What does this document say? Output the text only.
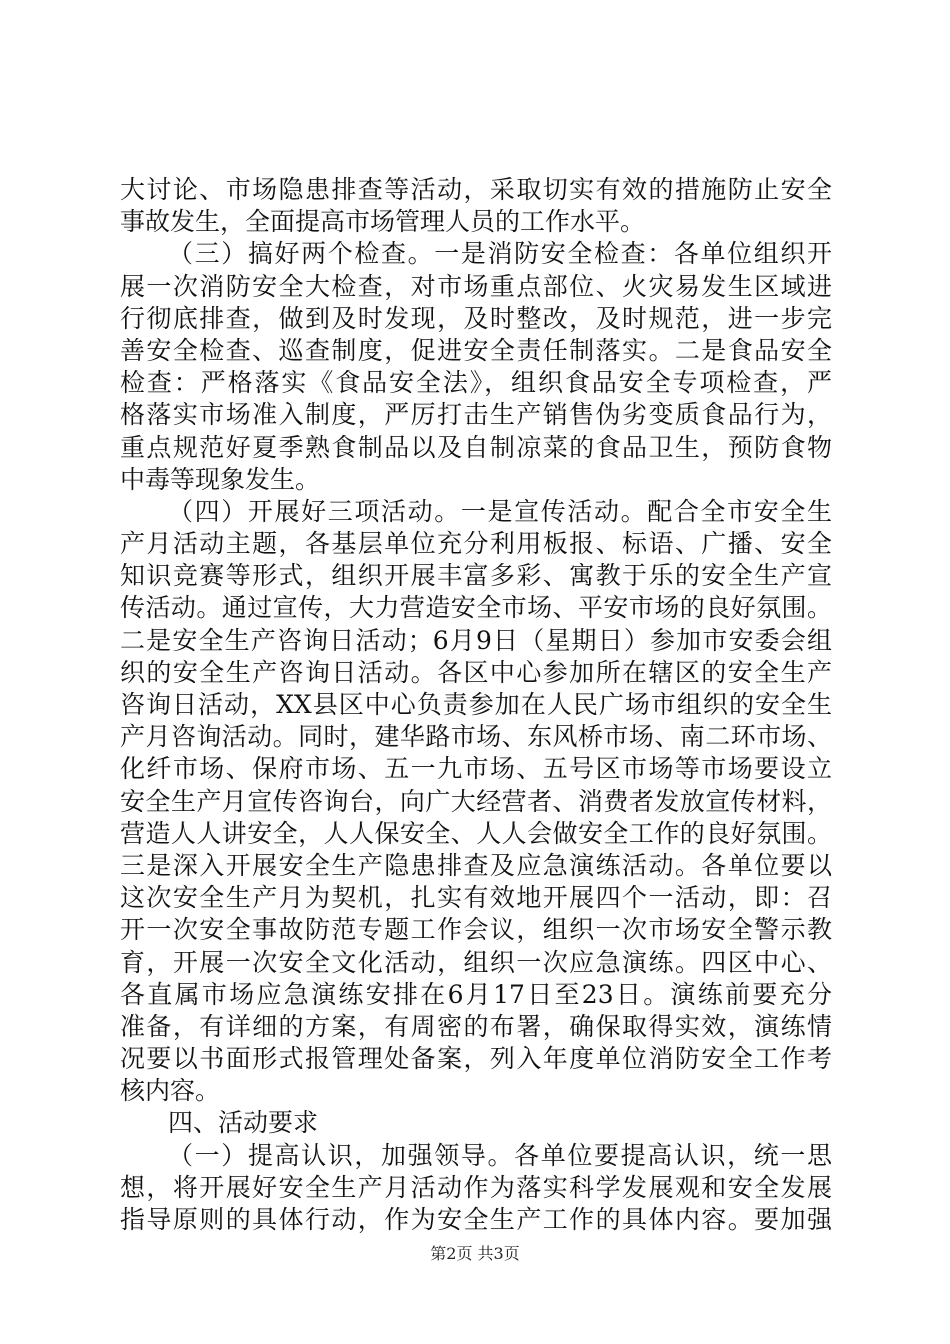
大讨论、市场隐患排查等活动，采取切实有效的措施防止安全
事故发生，全面提高市场管理人员的工作水平。
（三）搞好两个检查。一是消防安全检查：各单位组织开
展一次消防安全大检查，对市场重点部位、火灾易发生区域进
行彻底排查，做到及时发现，及时整改，及时规范，进一步完
善安全检查、巡查制度，促进安全责任制落实。二是食品安全
检查：严格落实《食品安全法》，组织食品安全专项检查，严
格落实市场准入制度，严厉打击生产销售伪劣变质食品行为，
重点规范好夏季熟食制品以及自制凉菜的食品卫生，预防食物
中毒等现象发生。
（四）开展好三项活动。一是宣传活动。配合全市安全生
产月活动主题，各基层单位充分利用板报、标语、广播、安全
知识竞赛等形式，组织开展丰富多彩、寓教于乐的安全生产宣
传活动。通过宣传，大力营造安全市场、平安市场的良好氛围。
二是安全生产咨询日活动；6月9日（星期日）参加市安委会组
织的安全生产咨询日活动。各区中心参加所在辖区的安全生产
咨询日活动，XX县区中心负责参加在人民广场市组织的安全生
产月咨询活动。同时，建华路市场、东风桥市场、南二环市场、
化纤市场、保府市场、五一九市场、五号区市场等市场要设立
安全生产月宣传咨询台，向广大经营者、消费者发放宣传材料，
营造人人讲安全，人人保安全、人人会做安全工作的良好氛围。
三是深入开展安全生产隐患排查及应急演练活动。各单位要以
这次安全生产月为契机，扎实有效地开展四个一活动，即：召
开一次安全事故防范专题工作会议，组织一次市场安全警示教
育，开展一次安全文化活动，组织一次应急演练。四区中心、
各直属市场应急演练安排在6月17日至23日。演练前要充分
准备，有详细的方案，有周密的布署，确保取得实效，演练情
况要以书面形式报管理处备案，列入年度单位消防安全工作考
核内容。
四、活动要求
（一）提高认识，加强领导。各单位要提高认识，统一思
想，将开展好安全生产月活动作为落实科学发展观和安全发展
指导原则的具体行动，作为安全生产工作的具体内容。要加强
第2页 共3页
